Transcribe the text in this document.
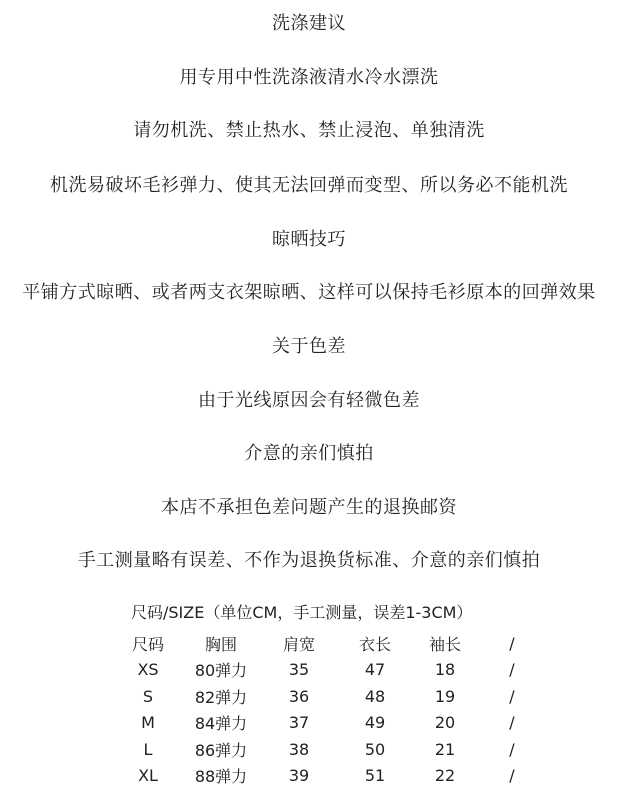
洗涤建议
用专用中性洗涤液清水冷水漂洗
请勿机洗、禁止热水、禁止浸泡、单独清洗
机洗易破坏毛衫弹力、使其无法回弹而变型、所以务必不能机洗
晾晒技巧
平铺方式晾晒、或者两支衣架晾晒、这样可以保持毛衫原本的回弹效果
关于色差
由于光线原因会有轻微色差
介意的亲们慎拍
本店不承担色差问题产生的退换邮资
手工测量略有误差、不作为退换货标准、介意的亲们慎拍
尺码/SIZE（单位CM，手工测量，误差1-3CM）
尺码	胸围	肩宽	衣长	袖长	/
XS	80弹力	35	47	18	/
S	82弹力	36	48	19	/
M	84弹力	37	49	20	/
L	86弹力	38	50	21	/
XL	88弹力	39	51	22	/
